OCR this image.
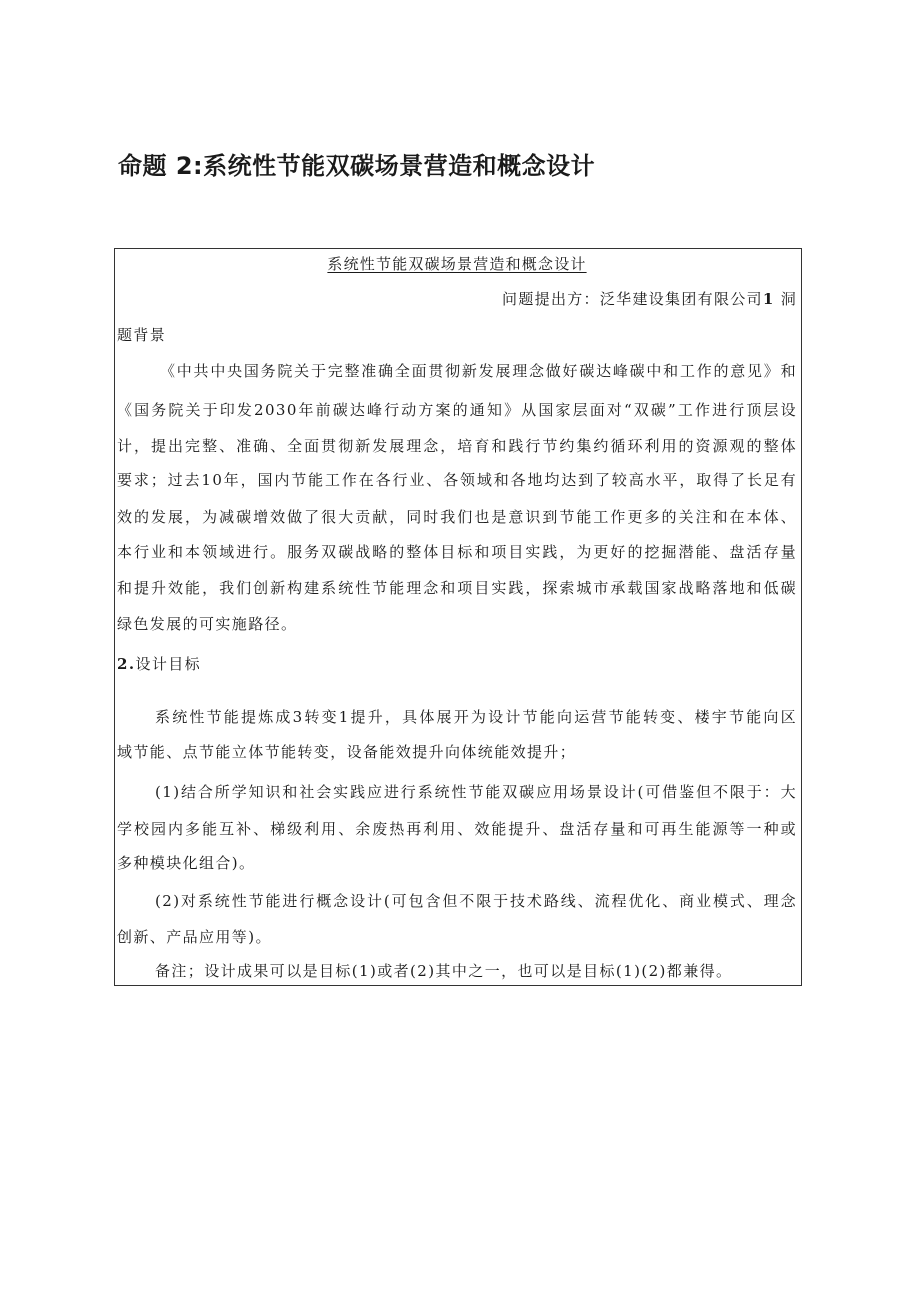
命题 2:系统性节能双碳场景营造和概念设计
系统性节能双碳场景营造和概念设计
问题提出方：泛华建设集团有限公司1 洞
题背景
《中共中央国务院关于完整准确全面贯彻新发展理念做好碳达峰碳中和工作的意见》和
《国务院关于印发2030年前碳达峰行动方案的通知》从国家层面对“双碳”工作进行顶层设
计，提出完整、准确、全面贯彻新发展理念，培育和践行节约集约循环利用的资源观的整体
要求；过去10年，国内节能工作在各行业、各领域和各地均达到了较高水平，取得了长足有
效的发展，为减碳增效做了很大贡献，同时我们也是意识到节能工作更多的关注和在本体、
本行业和本领域进行。服务双碳战略的整体目标和项目实践，为更好的挖掘潜能、盘活存量
和提升效能，我们创新构建系统性节能理念和项目实践，探索城市承载国家战略落地和低碳
绿色发展的可实施路径。
2.设计目标
系统性节能提炼成3转变1提升，具体展开为设计节能向运营节能转变、楼宇节能向区
域节能、点节能立体节能转变，设备能效提升向体统能效提升；
(1)结合所学知识和社会实践应进行系统性节能双碳应用场景设计(可借鉴但不限于：大
学校园内多能互补、梯级利用、余废热再利用、效能提升、盘活存量和可再生能源等一种或
多种模块化组合)。
(2)对系统性节能进行概念设计(可包含但不限于技术路线、流程优化、商业模式、理念
创新、产品应用等)。
备注；设计成果可以是目标(1)或者(2)其中之一，也可以是目标(1)(2)都兼得。
